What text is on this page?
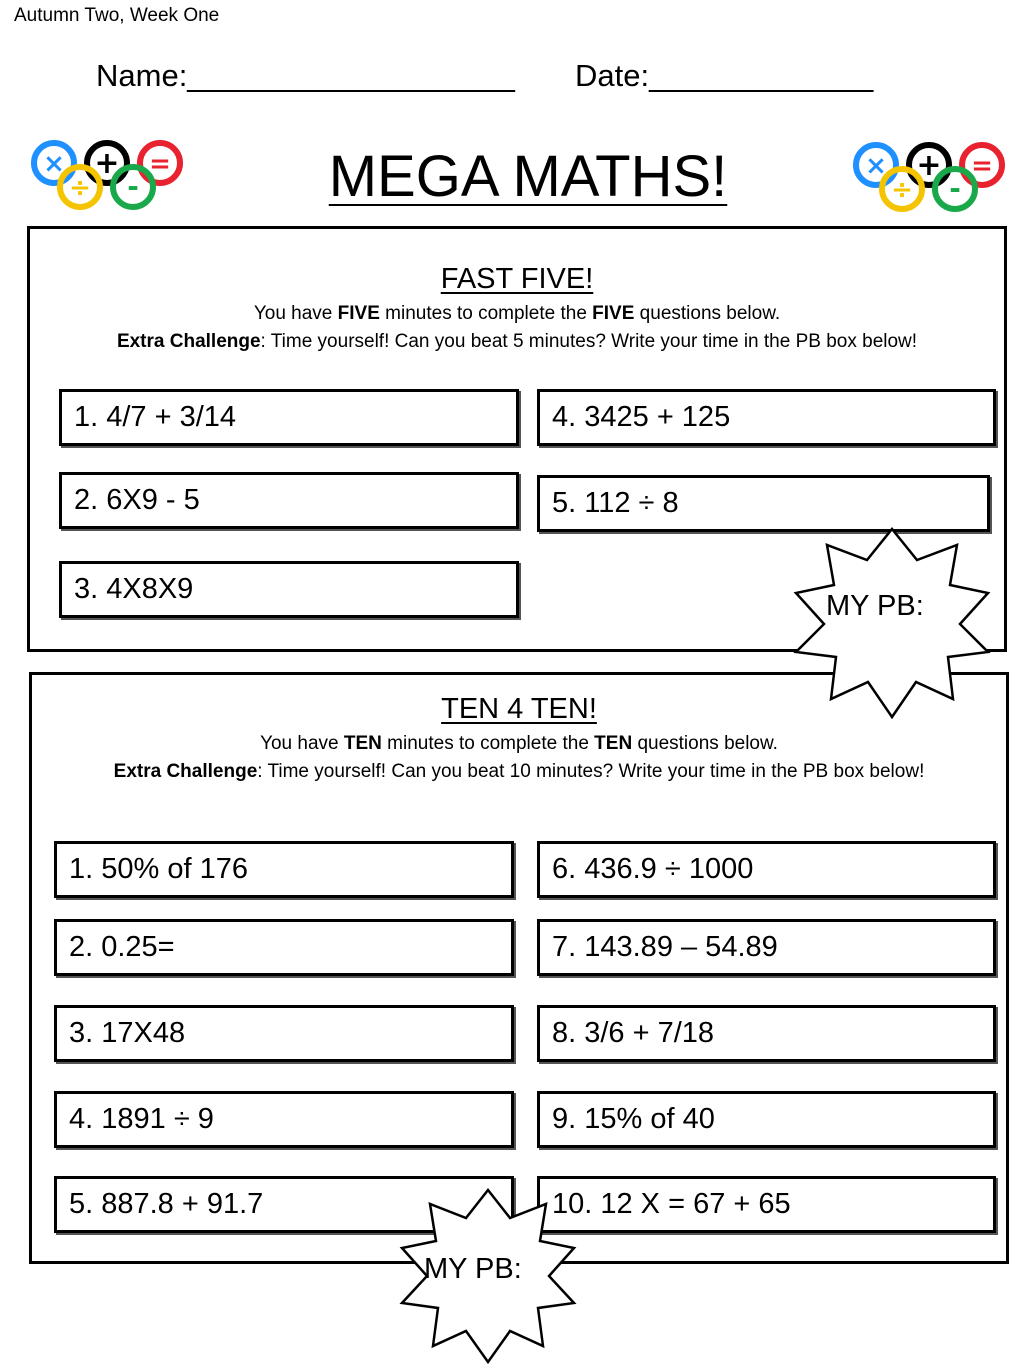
Autumn Two, Week One
Name:___________________ Date:_____________
× + =
÷ -
× + =
÷ -
MEGA MATHS!
FAST FIVE!
You have FIVE minutes to complete the FIVE questions below.
Extra Challenge: Time yourself! Can you beat 5 minutes? Write your time in the PB box below!
1. 4/7 + 3/14
2. 6X9 - 5
3. 4X8X9
4. 3425 + 125
5. 112 ÷ 8
MY PB:
TEN 4 TEN!
You have TEN minutes to complete the TEN questions below.
Extra Challenge: Time yourself! Can you beat 10 minutes? Write your time in the PB box below!
1. 50% of 176
2. 0.25=
3. 17X48
4. 1891 ÷ 9
5. 887.8 + 91.7
6. 436.9 ÷ 1000
7. 143.89 – 54.89
8. 3/6 + 7/18
9. 15% of 40
10. 12 X = 67 + 65
MY PB:
